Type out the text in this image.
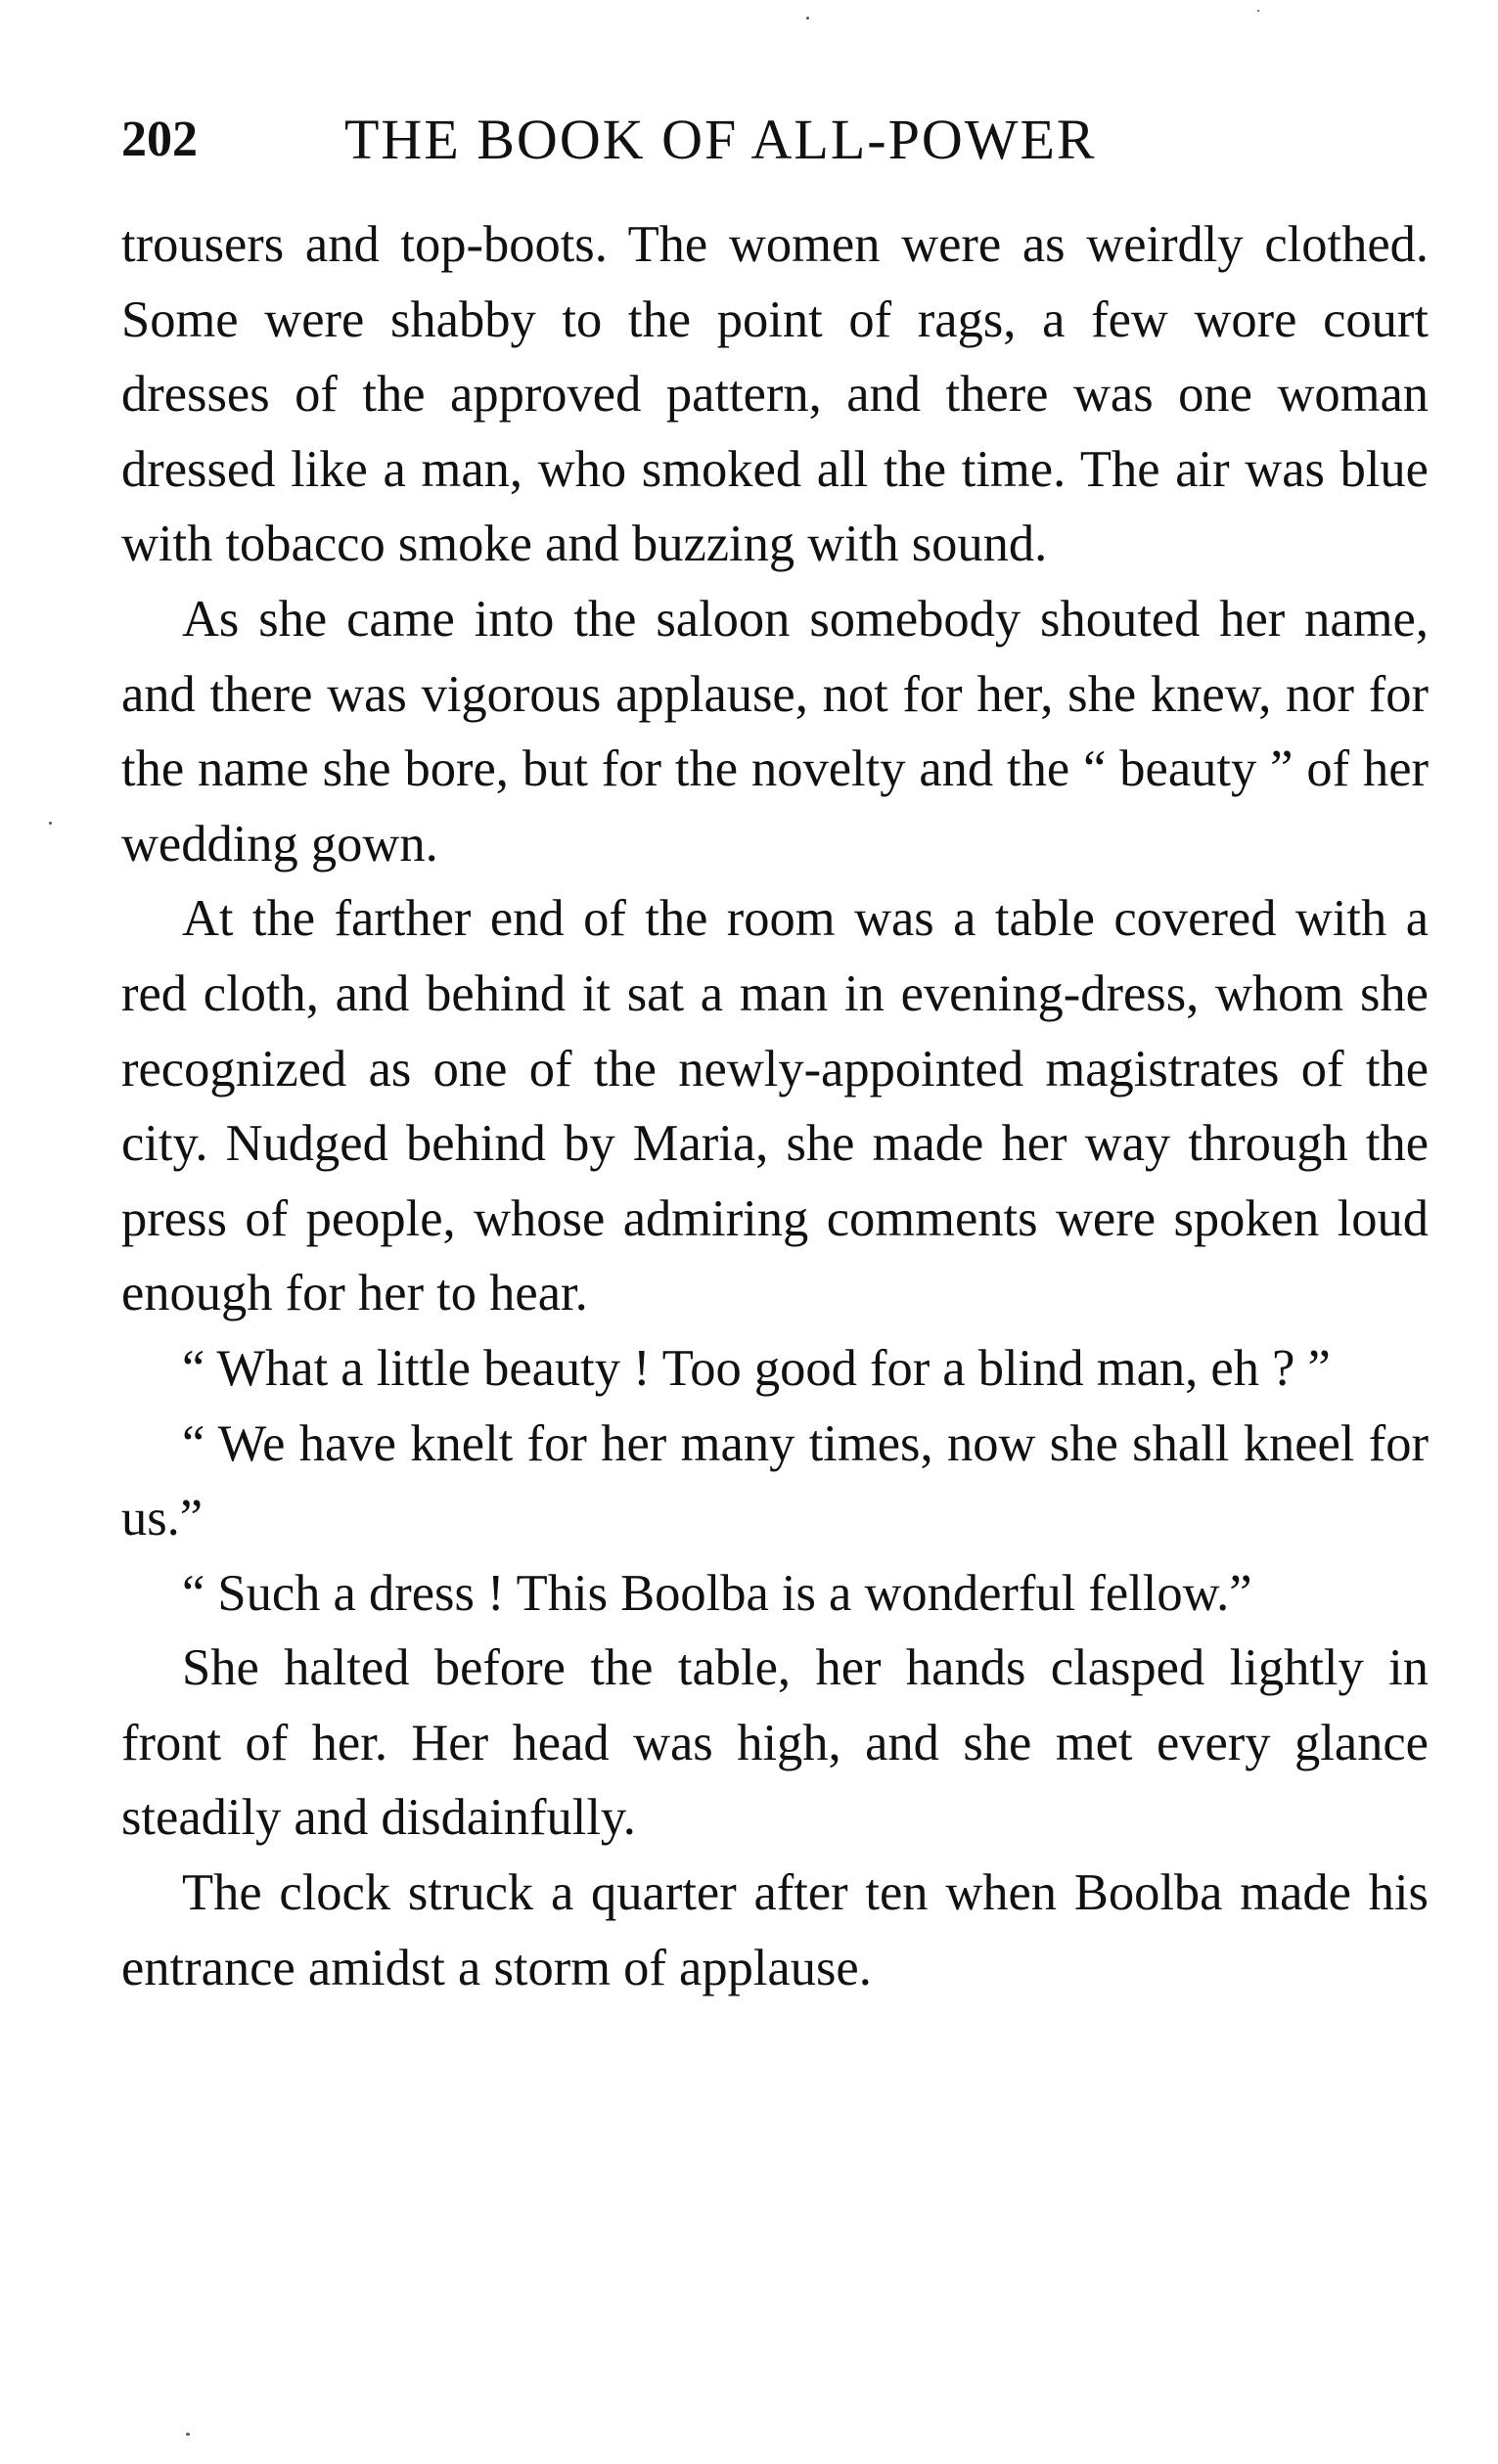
202	THE BOOK OF ALL-POWER

trousers and top-boots. The women were as weirdly clothed. Some were shabby to the point of rags, a few wore court dresses of the approved pattern, and there was one woman dressed like a man, who smoked all the time. The air was blue with tobacco smoke and buzzing with sound.

As she came into the saloon somebody shouted her name, and there was vigorous applause, not for her, she knew, nor for the name she bore, but for the novelty and the “ beauty ” of her wedding gown.

At the farther end of the room was a table covered with a red cloth, and behind it sat a man in evening-dress, whom she recognized as one of the newly-appointed magistrates of the city. Nudged behind by Maria, she made her way through the press of people, whose admiring comments were spoken loud enough for her to hear.

“ What a little beauty ! Too good for a blind man, eh ? ”

“ We have knelt for her many times, now she shall kneel for us.”

“ Such a dress ! This Boolba is a wonderful fellow.”

She halted before the table, her hands clasped lightly in front of her. Her head was high, and she met every glance steadily and disdainfully.

The clock struck a quarter after ten when Boolba made his entrance amidst a storm of applause.
